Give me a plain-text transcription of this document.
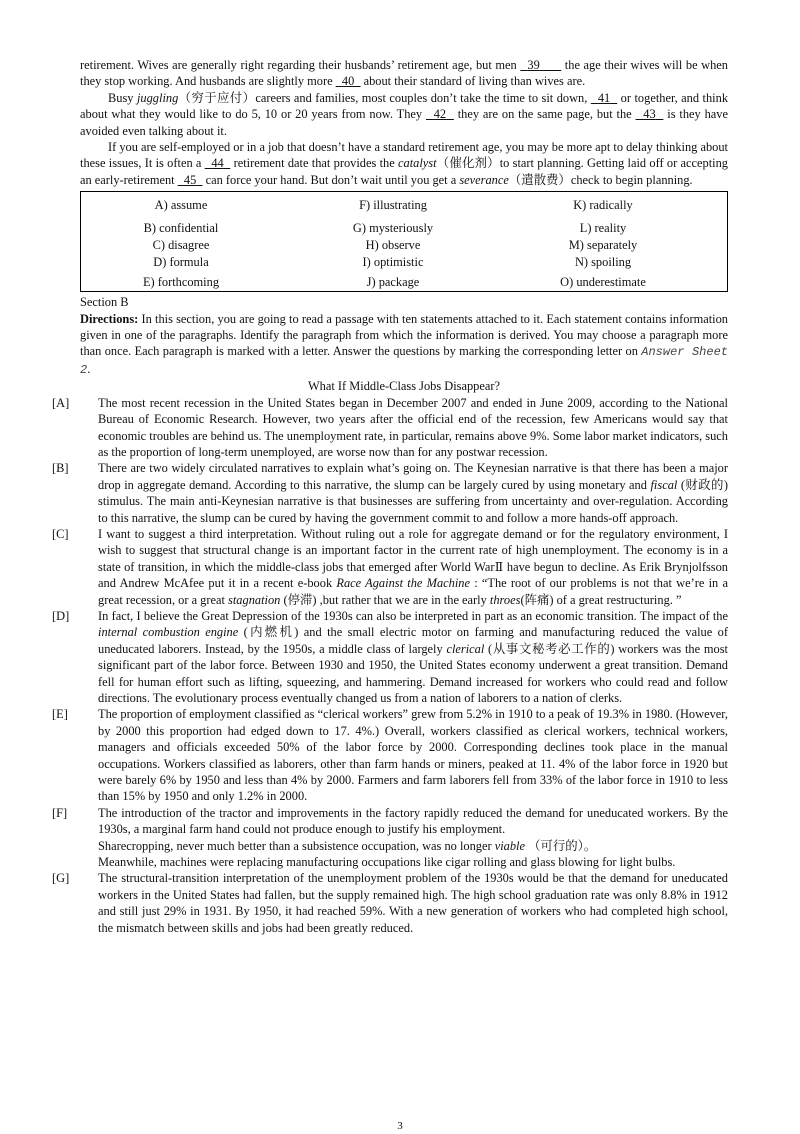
retirement. Wives are generally right regarding their husbands’ retirement age, but men   39       the age their wives will be when they stop working. And husbands are slightly more   40   about their standard of living than wives are.

Busy juggling（穷于应付）careers and families, most couples don’t take the time to sit down,   41   or together, and think about what they would like to do 5, 10 or 20 years from now. They   42   they are on the same page, but the   43   is they have avoided even talking about it.

If you are self-employed or in a job that doesn’t have a standard retirement age, you may be more apt to delay thinking about these issues, It is often a   44   retirement date that provides the catalyst（催化剂）to start planning. Getting laid off or accepting an early-retirement   45   can force your hand. But don’t wait until you get a severance（遣散费）check to begin planning.

A) assume	F) illustrating	K) radically
B) confidential	G) mysteriously	L) reality
C) disagree	H) observe	M) separately
D) formula	I) optimistic	N) spoiling
E) forthcoming	J) package	O) underestimate

Section B

Directions: In this section, you are going to read a passage with ten statements attached to it. Each statement contains information given in one of the paragraphs. Identify the paragraph from which the information is derived. You may choose a paragraph more than once. Each paragraph is marked with a letter. Answer the questions by marking the corresponding letter on Answer Sheet 2.

What If Middle-Class Jobs Disappear?

[A] The most recent recession in the United States began in December 2007 and ended in June 2009, according to the National Bureau of Economic Research. However, two years after the official end of the recession, few Americans would say that economic troubles are behind us. The unemployment rate, in particular, remains above 9%. Some labor market indicators, such as the proportion of long-term unemployed, are worse now than for any postwar recession.

[B] There are two widely circulated narratives to explain what’s going on. The Keynesian narrative is that there has been a major drop in aggregate demand. According to this narrative, the slump can be largely cured by using monetary and fiscal (财政的) stimulus. The main anti-Keynesian narrative is that businesses are suffering from uncertainty and over-regulation. According to this narrative, the slump can be cured by having the government commit to and follow a more hands-off approach.

[C] I want to suggest a third interpretation. Without ruling out a role for aggregate demand or for the regulatory environment, I wish to suggest that structural change is an important factor in the current rate of high unemployment. The economy is in a state of transition, in which the middle-class jobs that emerged after World WarⅡ have begun to decline. As Erik Brynjolfsson and Andrew McAfee put it in a recent e-book Race Against the Machine : “The root of our problems is not that we’re in a great recession, or a great stagnation (停滞) ,but rather that we are in the early throes(阵痛) of a great restructuring. ”

[D] In fact, I believe the Great Depression of the 1930s can also be interpreted in part as an economic transition. The impact of the internal combustion engine (内燃机) and the small electric motor on farming and manufacturing reduced the value of uneducated laborers. Instead, by the 1950s, a middle class of largely clerical (从事文秘考必工作的) workers was the most significant part of the labor force. Between 1930 and 1950, the United States economy underwent a great transition. Demand fell for human effort such as lifting, squeezing, and hammering. Demand increased for workers who could read and follow directions. The evolutionary process eventually changed us from a nation of laborers to a nation of clerks.

[E] The proportion of employment classified as “clerical workers” grew from 5.2% in 1910 to a peak of 19.3% in 1980. (However, by 2000 this proportion had edged down to 17. 4%.) Overall, workers classified as clerical workers, technical workers, managers and officials exceeded 50% of the labor force by 2000. Corresponding declines took place in the manual occupations. Workers classified as laborers, other than farm hands or miners, peaked at 11. 4% of the labor force in 1920 but were barely 6% by 1950 and less than 4% by 2000. Farmers and farm laborers fell from 33% of the labor force in 1910 to less than 15% by 1950 and only 1.2% in 2000.

[F] The introduction of the tractor and improvements in the factory rapidly reduced the demand for uneducated workers. By the 1930s, a marginal farm hand could not produce enough to justify his employment.
Sharecropping, never much better than a subsistence occupation, was no longer viable （可行的）。
Meanwhile, machines were replacing manufacturing occupations like cigar rolling and glass blowing for light bulbs.

[G] The structural-transition interpretation of the unemployment problem of the 1930s would be that the demand for uneducated workers in the United States had fallen, but the supply remained high. The high school graduation rate was only 8.8% in 1912 and still just 29% in 1931. By 1950, it had reached 59%. With a new generation of workers who had completed high school, the mismatch between skills and jobs had been greatly reduced.

3
